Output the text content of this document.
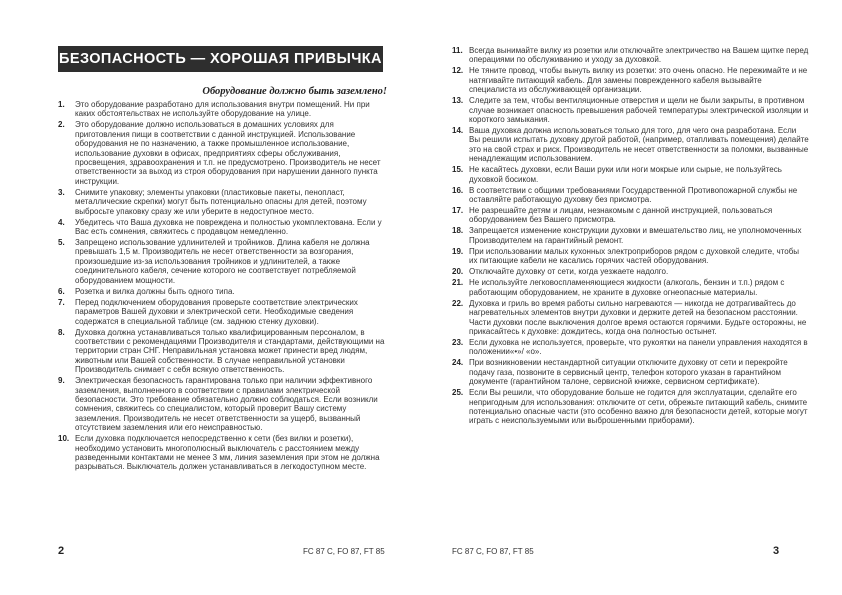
БЕЗОПАСНОСТЬ — ХОРОШАЯ ПРИВЫЧКА
Оборудование должно быть заземлено!
1. Это оборудование разработано для использования внутри помещений. Ни при каких обстоятельствах не используйте оборудование на улице.
2. Это оборудование должно использоваться в домашних условиях для приготовления пищи в соответствии с данной инструкцией. Использование оборудования не по назначению, а также промышленное использование, использование духовки в офисах, предприятиях сферы обслуживания, просвещения, здравоохранения и т.п. не предусмотрено. Производитель не несет ответственности за выход из строя оборудования при нарушении данного пункта инструкции.
3. Снимите упаковку; элементы упаковки (пластиковые пакеты, пенопласт, металлические скрепки) могут быть потенциально опасны для детей, поэтому выбросьте упаковку сразу же или уберите в недоступное место.
4. Убедитесь что Ваша духовка не повреждена и полностью укомплектована. Если у Вас есть сомнения, свяжитесь с продавцом немедленно.
5. Запрещено использование удлинителей и тройников. Длина кабеля не должна превышать 1,5 м. Производитель не несет ответственности за возгорания, произошедшие из-за использования тройников и удлинителей, а также соединительного кабеля, сечение которого не соответствует потребляемой оборудованием мощности.
6. Розетка и вилка должны быть одного типа.
7. Перед подключением оборудования проверьте соответствие электрических параметров Вашей духовки и электрической сети. Необходимые сведения содержатся в специальной таблице (см. заднюю стенку духовки).
8. Духовка должна устанавливаться только квалифицированным персоналом, в соответствии с рекомендациями Производителя и стандартами, действующими на территории стран СНГ. Неправильная установка может принести вред людям, животным или Вашей собственности. В случае неправильной установки Производитель снимает с себя всякую ответственность.
9. Электрическая безопасность гарантирована только при наличии эффективного заземления, выполненного в соответствии с правилами электрической безопасности. Это требование обязательно должно соблюдаться. Если возникли сомнения, свяжитесь со специалистом, который проверит Вашу систему заземления. Производитель не несет ответственности за ущерб, вызванный отсутствием заземления или его неисправностью.
10. Если духовка подключается непосредственно к сети (без вилки и розетки), необходимо установить многополюсный выключатель с расстоянием между разведенными контактами не менее 3 мм, линия заземления при этом не должна разрываться. Выключатель должен устанавливаться в легкодоступном месте.
2	FC 87 C, FO 87, FT 85
11. Всегда вынимайте вилку из розетки или отключайте электричество на Вашем щитке перед операциями по обслуживанию и уходу за духовкой.
12. Не тяните провод, чтобы вынуть вилку из розетки: это очень опасно. Не пережимайте и не натягивайте питающий кабель. Для замены поврежденного кабеля вызывайте специалиста из обслуживающей организации.
13. Следите за тем, чтобы вентиляционные отверстия и щели не были закрыты, в противном случае возникает опасность превышения рабочей температуры электрической изоляции и короткого замыкания.
14. Ваша духовка должна использоваться только для того, для чего она разработана. Если Вы решили испытать духовку другой работой, (например, отапливать помещения) делайте это на свой страх и риск. Производитель не несет ответственности за поломки, вызванные ненадлежащим использованием.
15. Не касайтесь духовки, если Ваши руки или ноги мокрые или сырые, не пользуйтесь духовкой босиком.
16. В соответствии с общими требованиями Государственной Противопожарной службы не оставляйте работающую духовку без присмотра.
17. Не разрешайте детям и лицам, незнакомым с данной инструкцией, пользоваться оборудованием без Вашего присмотра.
18. Запрещается изменение конструкции духовки и вмешательство лиц, не уполномоченных Производителем на гарантийный ремонт.
19. При использовании малых кухонных электроприборов рядом с духовкой следите, чтобы их питающие кабели не касались горячих частей оборудования.
20. Отключайте духовку от сети, когда уезжаете надолго.
21. Не используйте легковоспламеняющиеся жидкости (алкоголь, бензин и т.п.) рядом с работающим оборудованием, не храните в духовке огнеопасные материалы.
22. Духовка и гриль во время работы сильно нагреваются — никогда не дотрагивайтесь до нагревательных элементов внутри духовки и держите детей на безопасном расстоянии. Части духовки после выключения долгое время остаются горячими. Будьте осторожны, не прикасайтесь к духовке: дождитесь, когда она полностью остынет.
23. Если духовка не используется, проверьте, что рукоятки на панели управления находятся в положении«•»/ «о».
24. При возникновении нестандартной ситуации отключите духовку от сети и перекройте подачу газа, позвоните в сервисный центр, телефон которого указан в гарантийном документе (гарантийном талоне, сервисной книжке, сервисном сертификате).
25. Если Вы решили, что оборудование больше не годится для эксплуатации, сделайте его непригодным для использования: отключите от сети, обрежьте питающий кабель, снимите потенциально опасные части (это особенно важно для безопасности детей, которые могут играть с неиспользуемыми или выброшенными приборами).
FC 87 C, FO 87, FT 85	3
